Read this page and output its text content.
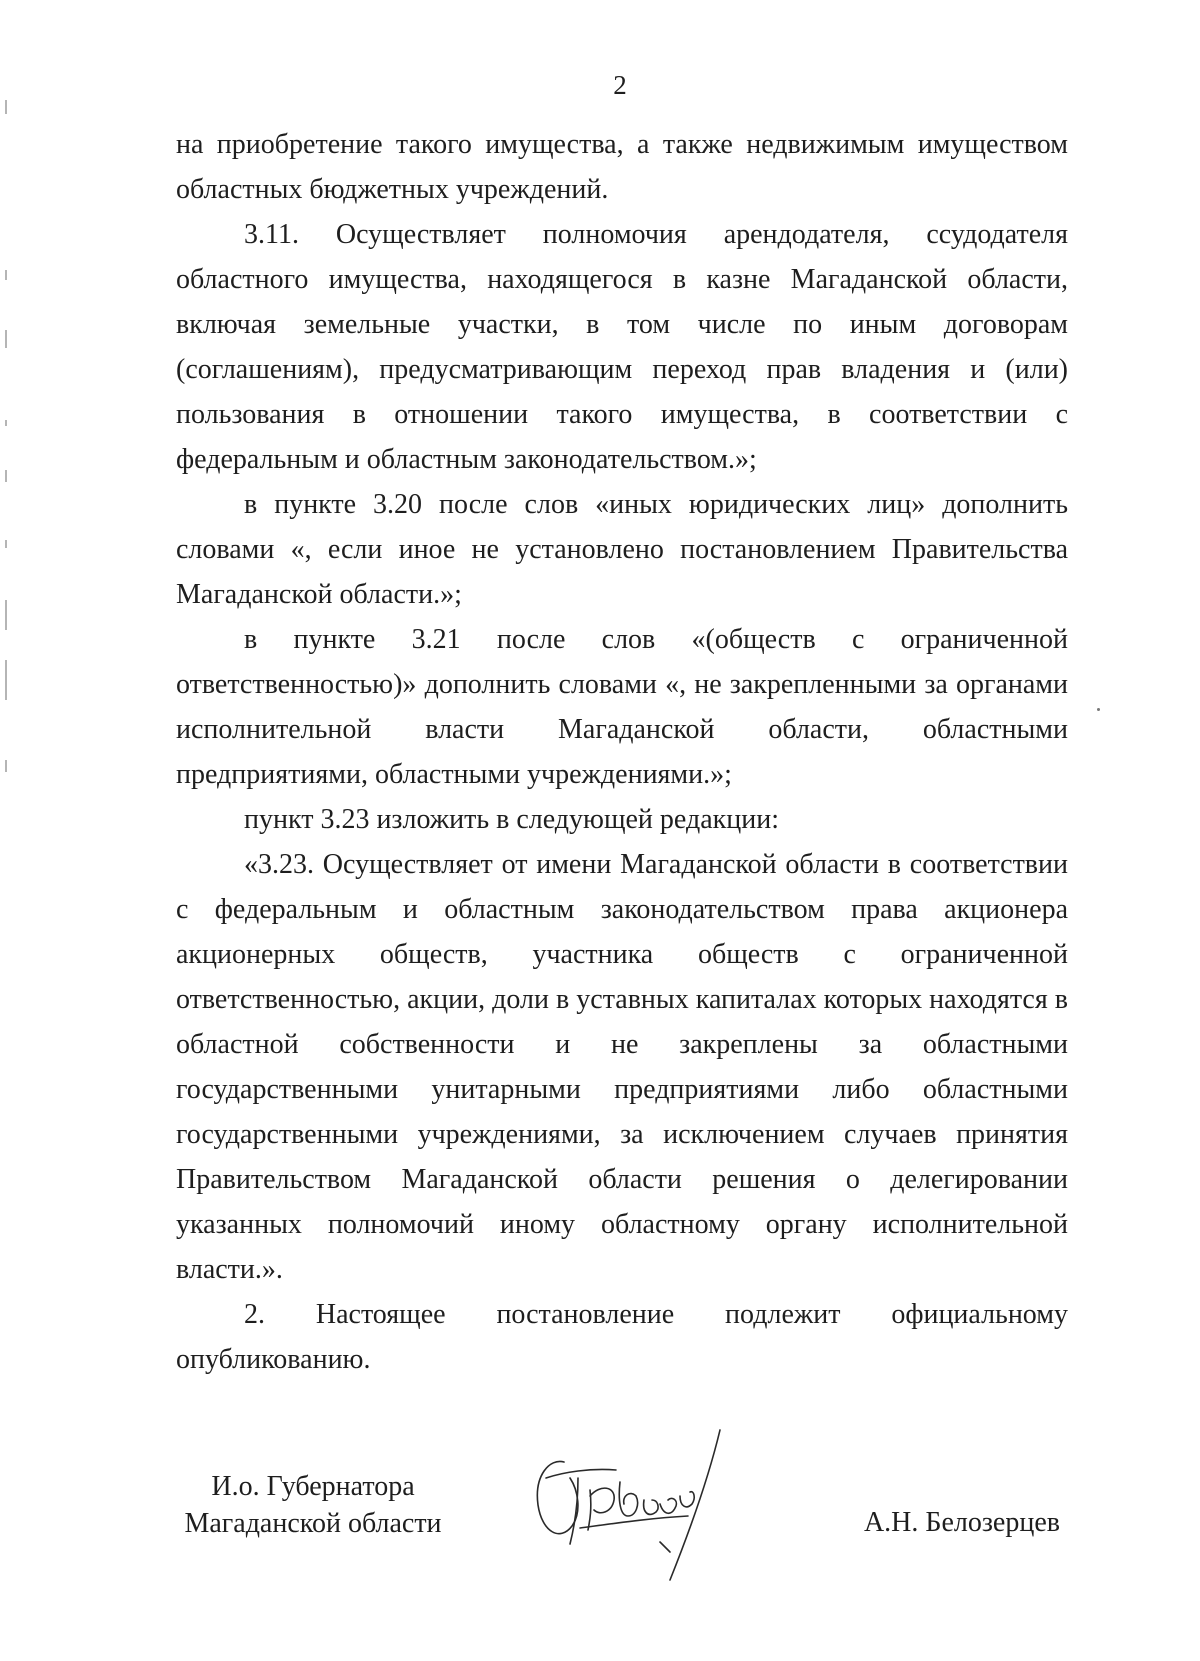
2

на приобретение такого имущества, а также недвижимым имуществом областных бюджетных учреждений.

3.11. Осуществляет полномочия арендодателя, ссудодателя областного имущества, находящегося в казне Магаданской области, включая земельные участки, в том числе по иным договорам (соглашениям), предусматривающим переход прав владения и (или) пользования в отношении такого имущества, в соответствии с федеральным и областным законодательством.»;

в пункте 3.20 после слов «иных юридических лиц» дополнить словами «, если иное не установлено постановлением Правительства Магаданской области.»;

в пункте 3.21 после слов «(обществ с ограниченной ответственностью)» дополнить словами «, не закрепленными за органами исполнительной власти Магаданской области, областными предприятиями, областными учреждениями.»;

пункт 3.23 изложить в следующей редакции:

«3.23. Осуществляет от имени Магаданской области в соответствии с федеральным и областным законодательством права акционера акционерных обществ, участника обществ с ограниченной ответственностью, акции, доли в уставных капиталах которых находятся в областной собственности и не закреплены за областными государственными унитарными предприятиями либо областными государственными учреждениями, за исключением случаев принятия Правительством Магаданской области решения о делегировании указанных полномочий иному областному органу исполнительной власти.».

2. Настоящее постановление подлежит официальному опубликованию.

И.о. Губернатора
Магаданской области	А.Н. Белозерцев
